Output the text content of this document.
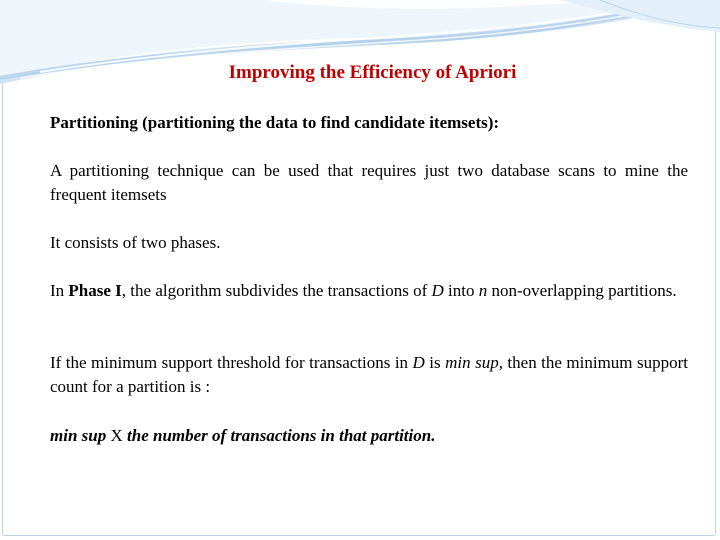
Improving the Efficiency of Apriori
Partitioning (partitioning the data to find candidate itemsets):
A partitioning technique can be used that requires just two database scans to mine the frequent itemsets
It consists of two phases.
In Phase I, the algorithm subdivides the transactions of D into n non-overlapping partitions.
If the minimum support threshold for transactions in D is min sup, then the minimum support count for a partition is :
min sup X the number of transactions in that partition.
